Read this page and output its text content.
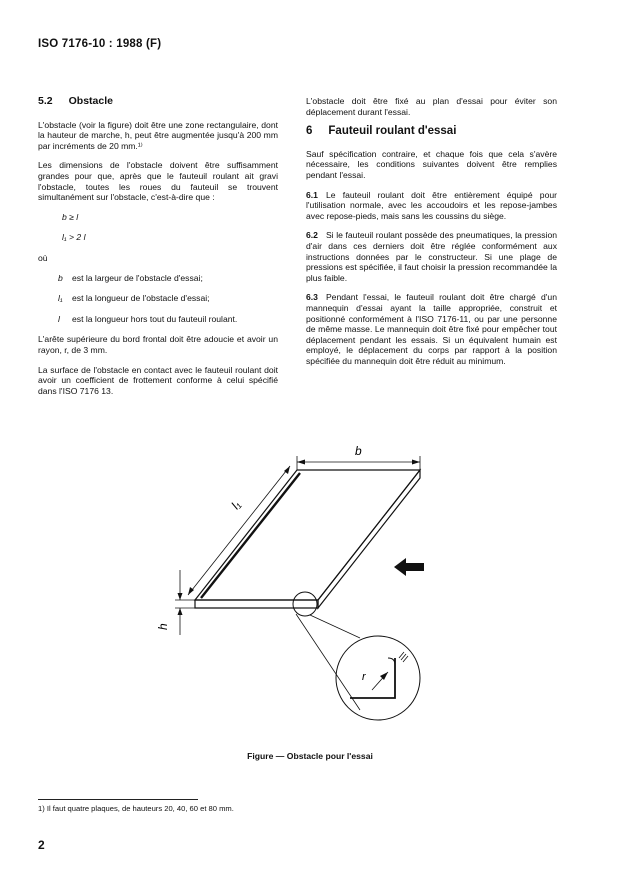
ISO 7176-10 : 1988 (F)
5.2 Obstacle

L'obstacle (voir la figure) doit être une zone rectangulaire, dont la hauteur de marche, h, peut être augmentée jusqu'à 200 mm par incréments de 20 mm.¹⁾

Les dimensions de l'obstacle doivent être suffisamment grandes pour que, après que le fauteuil roulant ait gravi l'obstacle, toutes les roues du fauteuil se trouvent simultanément sur l'obstacle, c'est-à-dire que :

b ≥ l
l₁ > 2 l

où

b	est la largeur de l'obstacle d'essai;
l₁	est la longueur de l'obstacle d'essai;
l	est la longueur hors tout du fauteuil roulant.

L'arête supérieure du bord frontal doit être adoucie et avoir un rayon, r, de 3 mm.

La surface de l'obstacle en contact avec le fauteuil roulant doit avoir un coefficient de frottement conforme à celui spécifié dans l'ISO 7176 13.

L'obstacle doit être fixé au plan d'essai pour éviter son déplacement durant l'essai.

6 Fauteuil roulant d'essai

Sauf spécification contraire, et chaque fois que cela s'avère nécessaire, les conditions suivantes doivent être remplies pendant l'essai.

6.1 Le fauteuil roulant doit être entièrement équipé pour l'utilisation normale, avec les accoudoirs et les repose-jambes avec repose-pieds, mais sans les coussins du siège.

6.2 Si le fauteuil roulant possède des pneumatiques, la pression d'air dans ces derniers doit être réglée conformément aux instructions données par le constructeur. Si une plage de pressions est spécifiée, il faut choisir la pression recommandée la plus faible.

6.3 Pendant l'essai, le fauteuil roulant doit être chargé d'un mannequin d'essai ayant la taille appropriée, construit et positionné conformément à l'ISO 7176-11, ou par une personne de même masse. Le mannequin doit être fixé pour empêcher tout déplacement pendant les essais. Si un équivalent humain est employé, le déplacement du corps par rapport à la position spécifiée du mannequin doit être réduit au minimum.

b
l₁
h
r
Figure — Obstacle pour l'essai
1) Il faut quatre plaques, de hauteurs 20, 40, 60 et 80 mm.
2
